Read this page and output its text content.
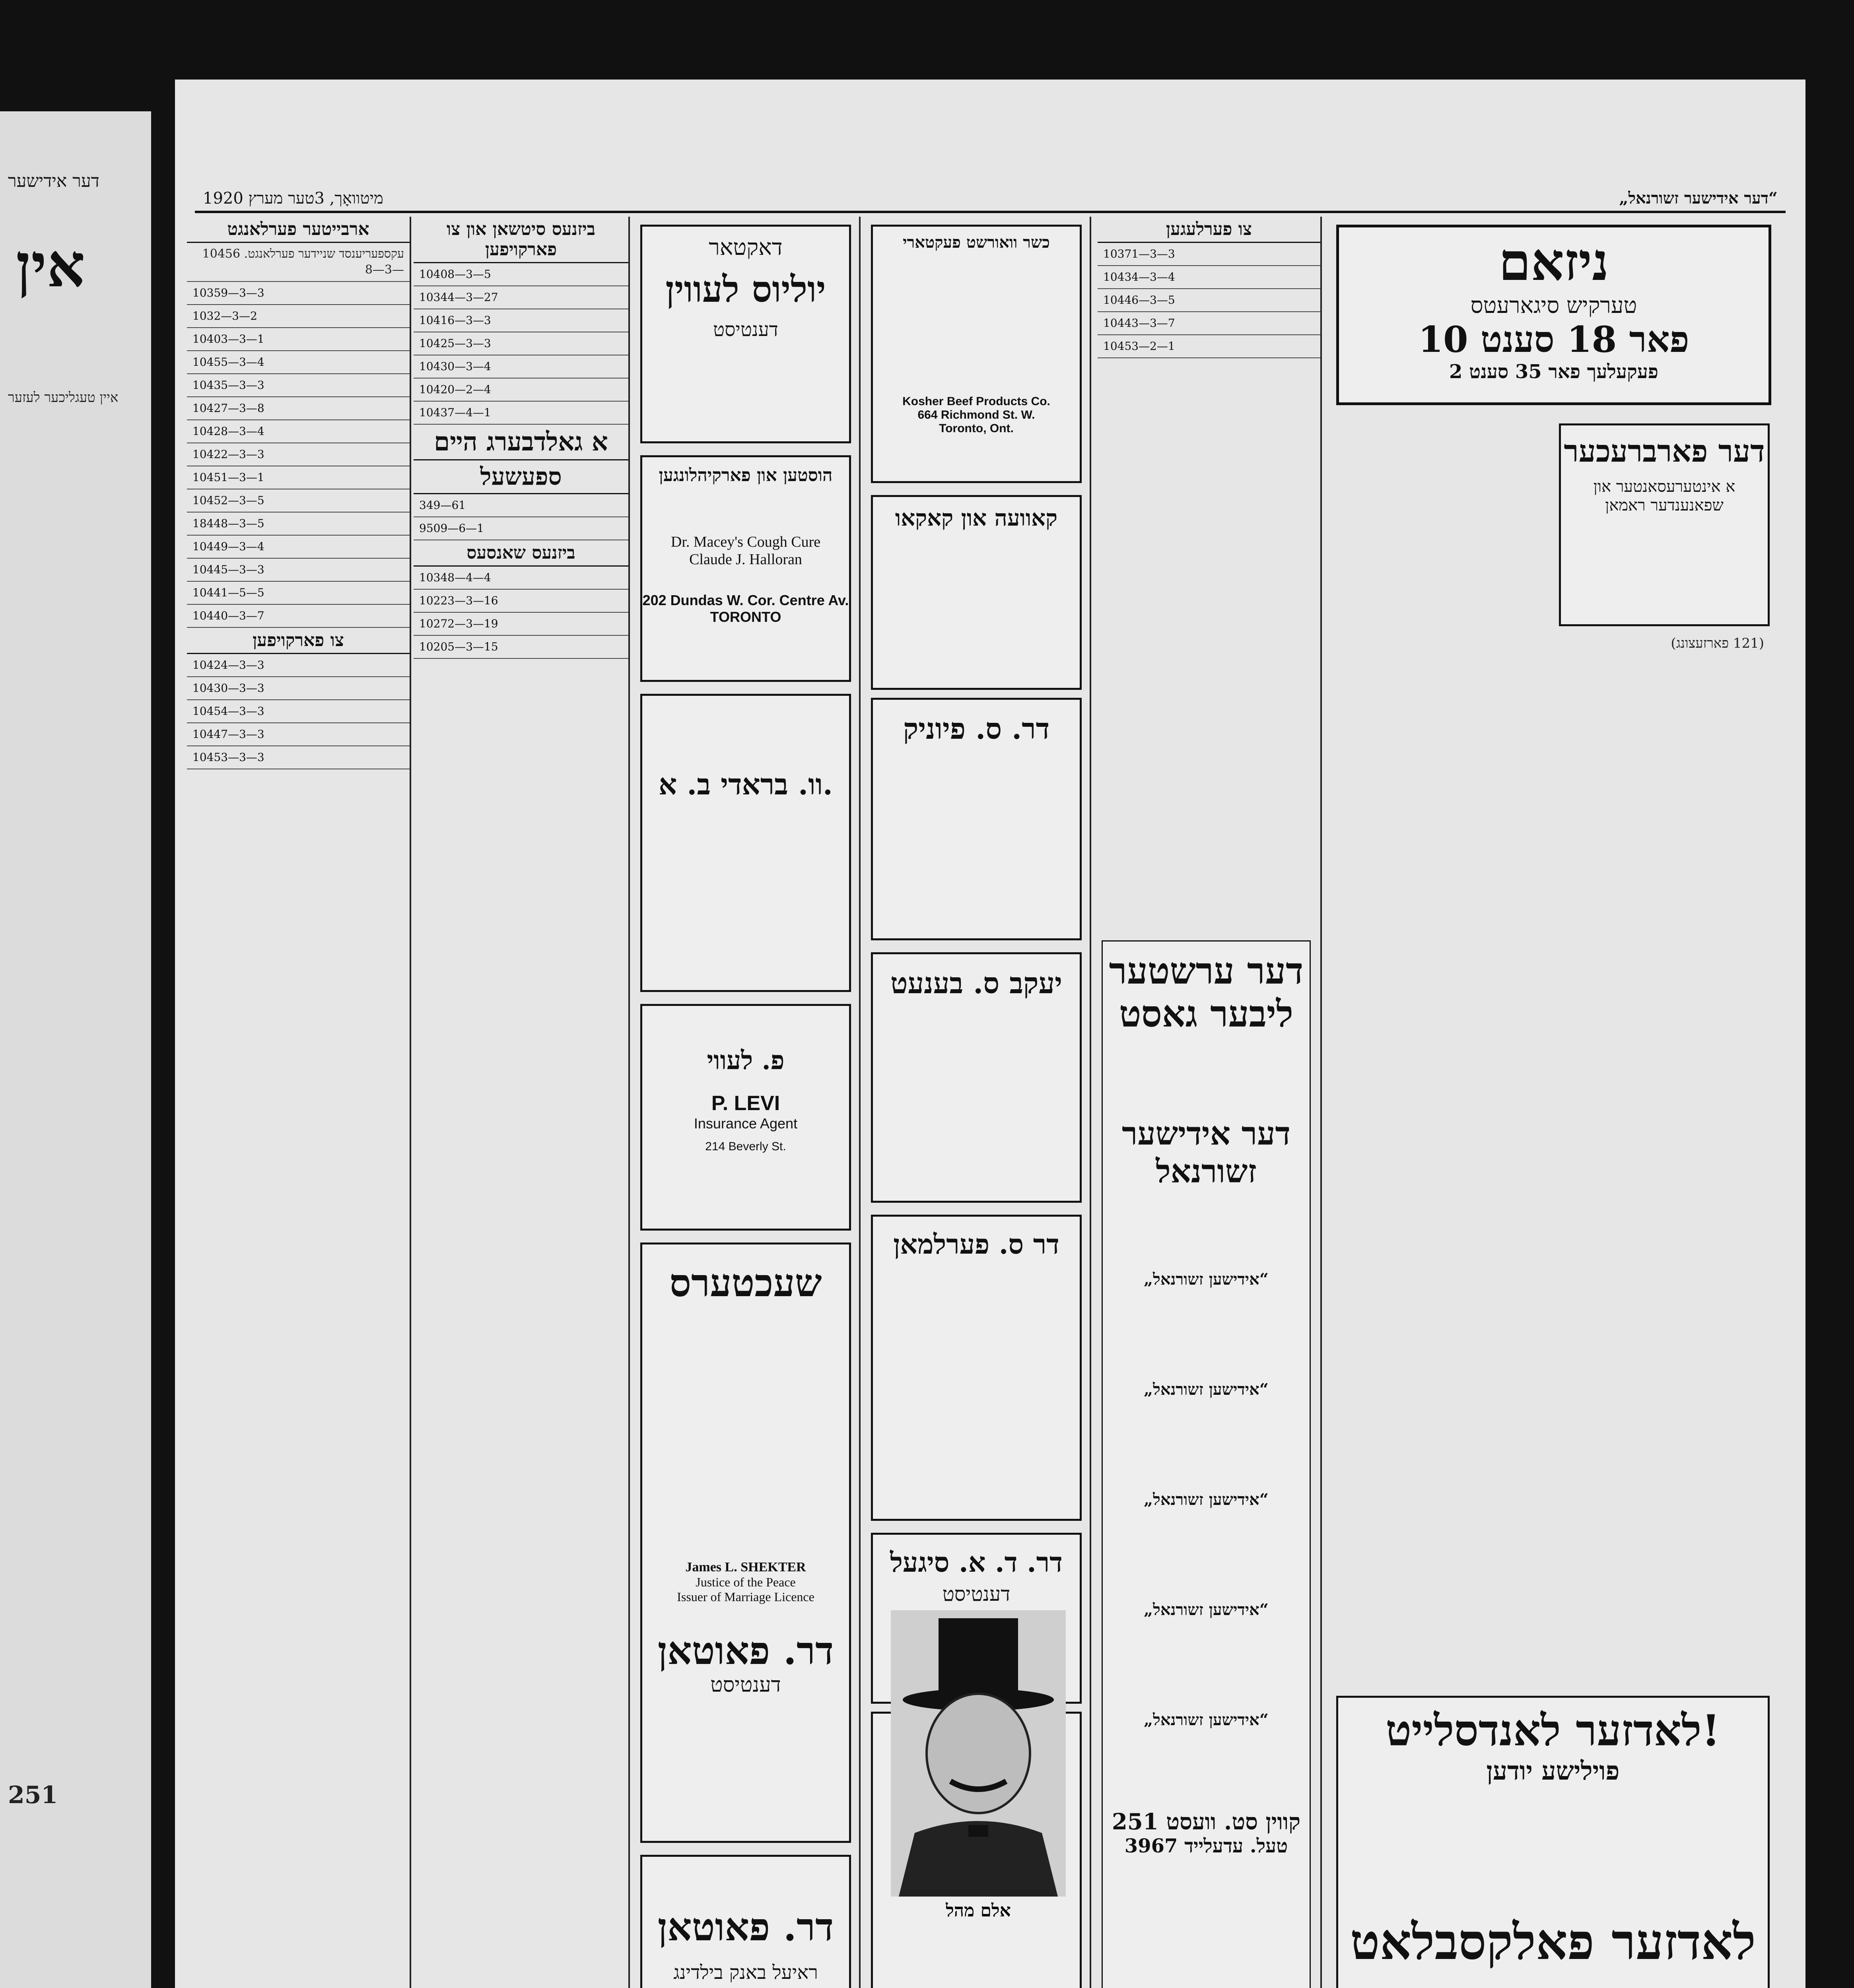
דער אידישער
אין
איין טעגליכער לעזער
251
1920 מיטוואָך, 3טער מערץ	„דער אידישער זשורנאל“
ארבייטער פערלאנגט
עקספעריענסד שניידער פערלאנגט. 10456—3—8
10359—3—3
1032—3—2
10403—3—1
10455—3—4
10435—3—3
10427—3—8
10428—3—4
10422—3—3
10451—3—1
10452—3—5
18448—3—5
10449—3—4
10445—3—3
10441—5—5
10440—3—7
צו פארקויפען
10424—3—3
10430—3—3
10454—3—3
10447—3—3
10453—3—3
ביזנעס סיטשאן און צו פארקויפען
10408—3—5
10344—3—27
10416—3—3
10425—3—3
10430—3—4
10420—2—4
10437—4—1
א גאלדבערג הײם
ספעשעל
349—61
9509—6—1
ביזנעס שאנסעס
10348—4—4
10223—3—16
10272—3—19
10205—3—15
דאקטאר
יוליוס לעווין
דענטיסט
הוסטען און פארקיהלונגען
Dr. Macey's Cough Cure
Claude J. Halloran
202 Dundas W. Cor. Centre Av.
TORONTO
וו. בראדי ב. א.
פ. לעווי
P. LEVI
Insurance Agent
214 Beverly St.
שעכטערס
James L. SHEKTER
Justice of the Peace
Issuer of Marriage Licence
דר. פאוטאן
דענטיסט
דר. פאוטאן
ראיעל באנק בילדינג
כשר וואורשט פעקטארי
Kosher Beef Products Co.
664 Richmond St. W.
Toronto, Ont.
קאוועה און קאקאו
דר. ס. פיוניק
יעקב ס. בענעט
דר ס. פערלמאן
דר. ד. א. סיגעל
דענטיסט
צו פערלעגען
10371—3—3
10434—3—4
10446—3—5
10443—3—7
10453—2—1
דער ערשטער
ליבער גאסט
דער אידישער
זשורנאל
„אידישען זשורנאל“
„אידישען זשורנאל“
„אידישען זשורנאל“
„אידישען זשורנאל“
„אידישען זשורנאל“
251 קווין סט. וועסט
טעל. עדעלייד 3967
ניזאם
טערקיש סיגארעטס
10 פאר 18 סענט
2 פעקעלעך פאר 35 סענט
דער פארברעכער
א אינטערעסאנטער און שפאנענדער ראמאן
(121 פארזעצונג)
לאדזער לאנדסלייט!
פוילישע יודען
לאדזער פאלקסבלאט
אלם מהל
